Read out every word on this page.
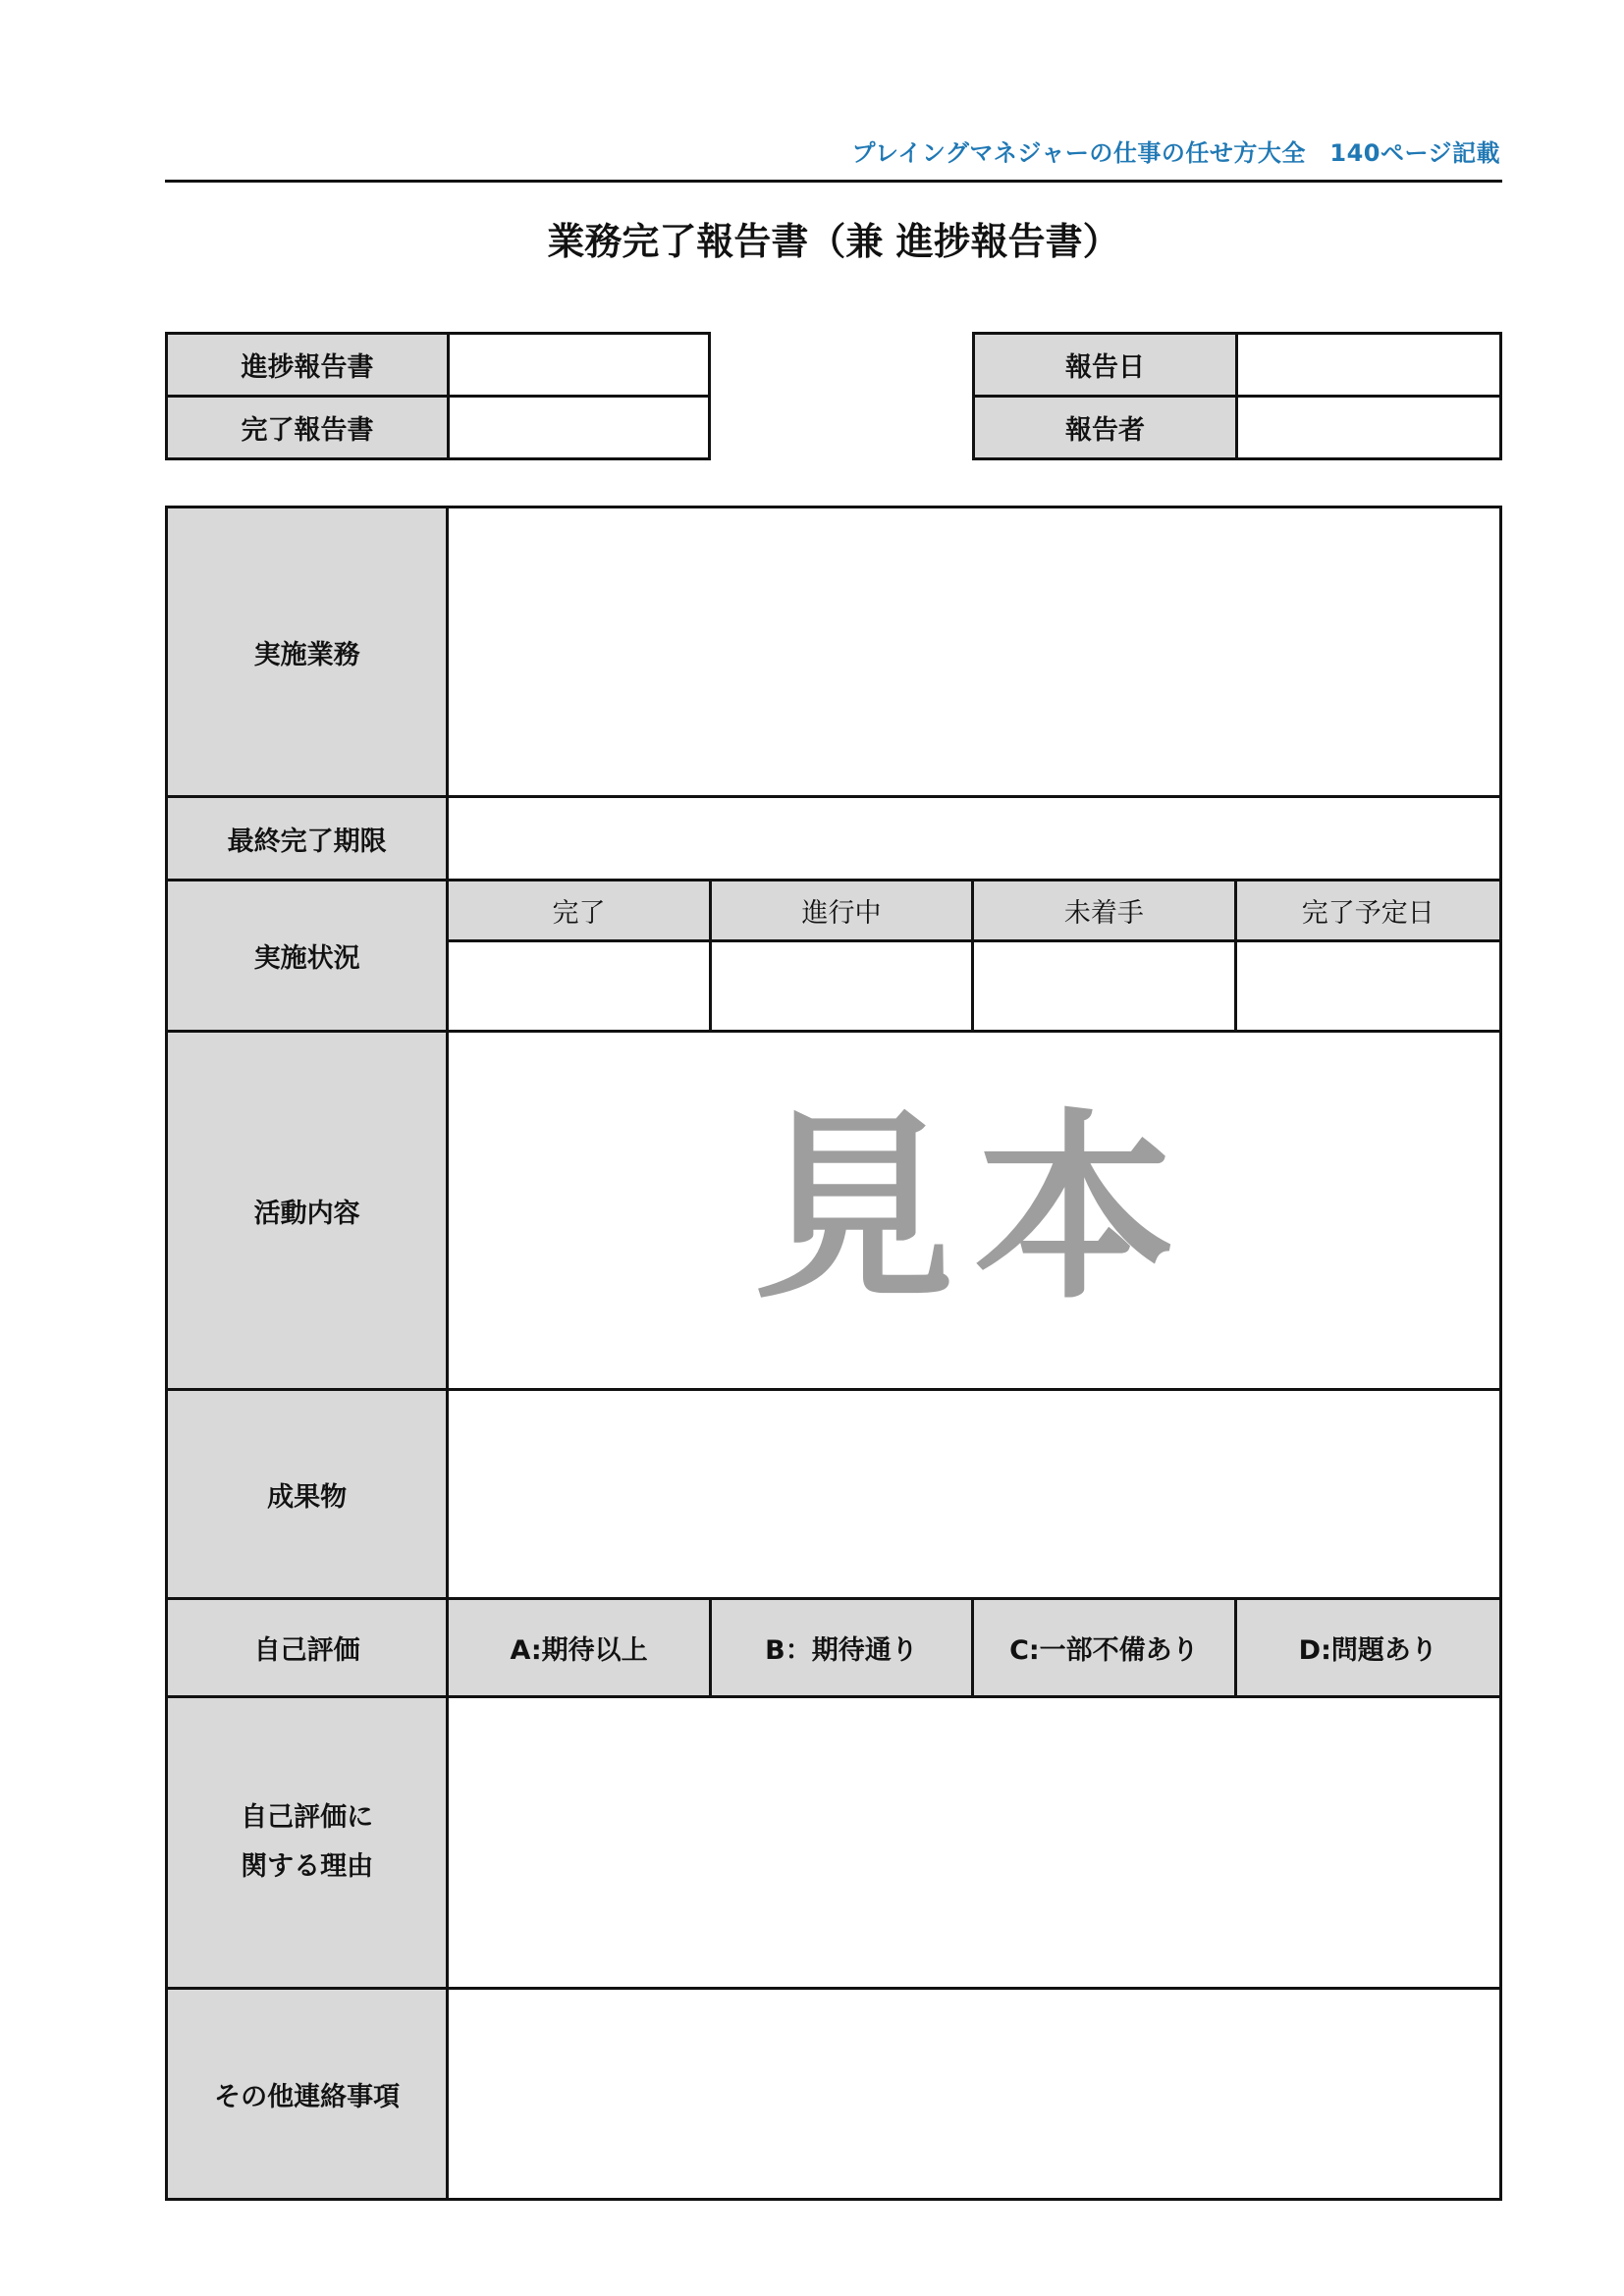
プレイングマネジャーの仕事の任せ方大全　140ページ記載
業務完了報告書（兼 進捗報告書）
進捗報告書	
完了報告書	
報告日	
報告者	
実施業務				
最終完了期限				
実施状況	完了	進行中	未着手	完了予定日

活動内容	見本			

成果物				
自己評価	A:期待以上	B：期待通り	C:一部不備あり	D:問題あり

自己評価に
関する理由				

その他連絡事項				
